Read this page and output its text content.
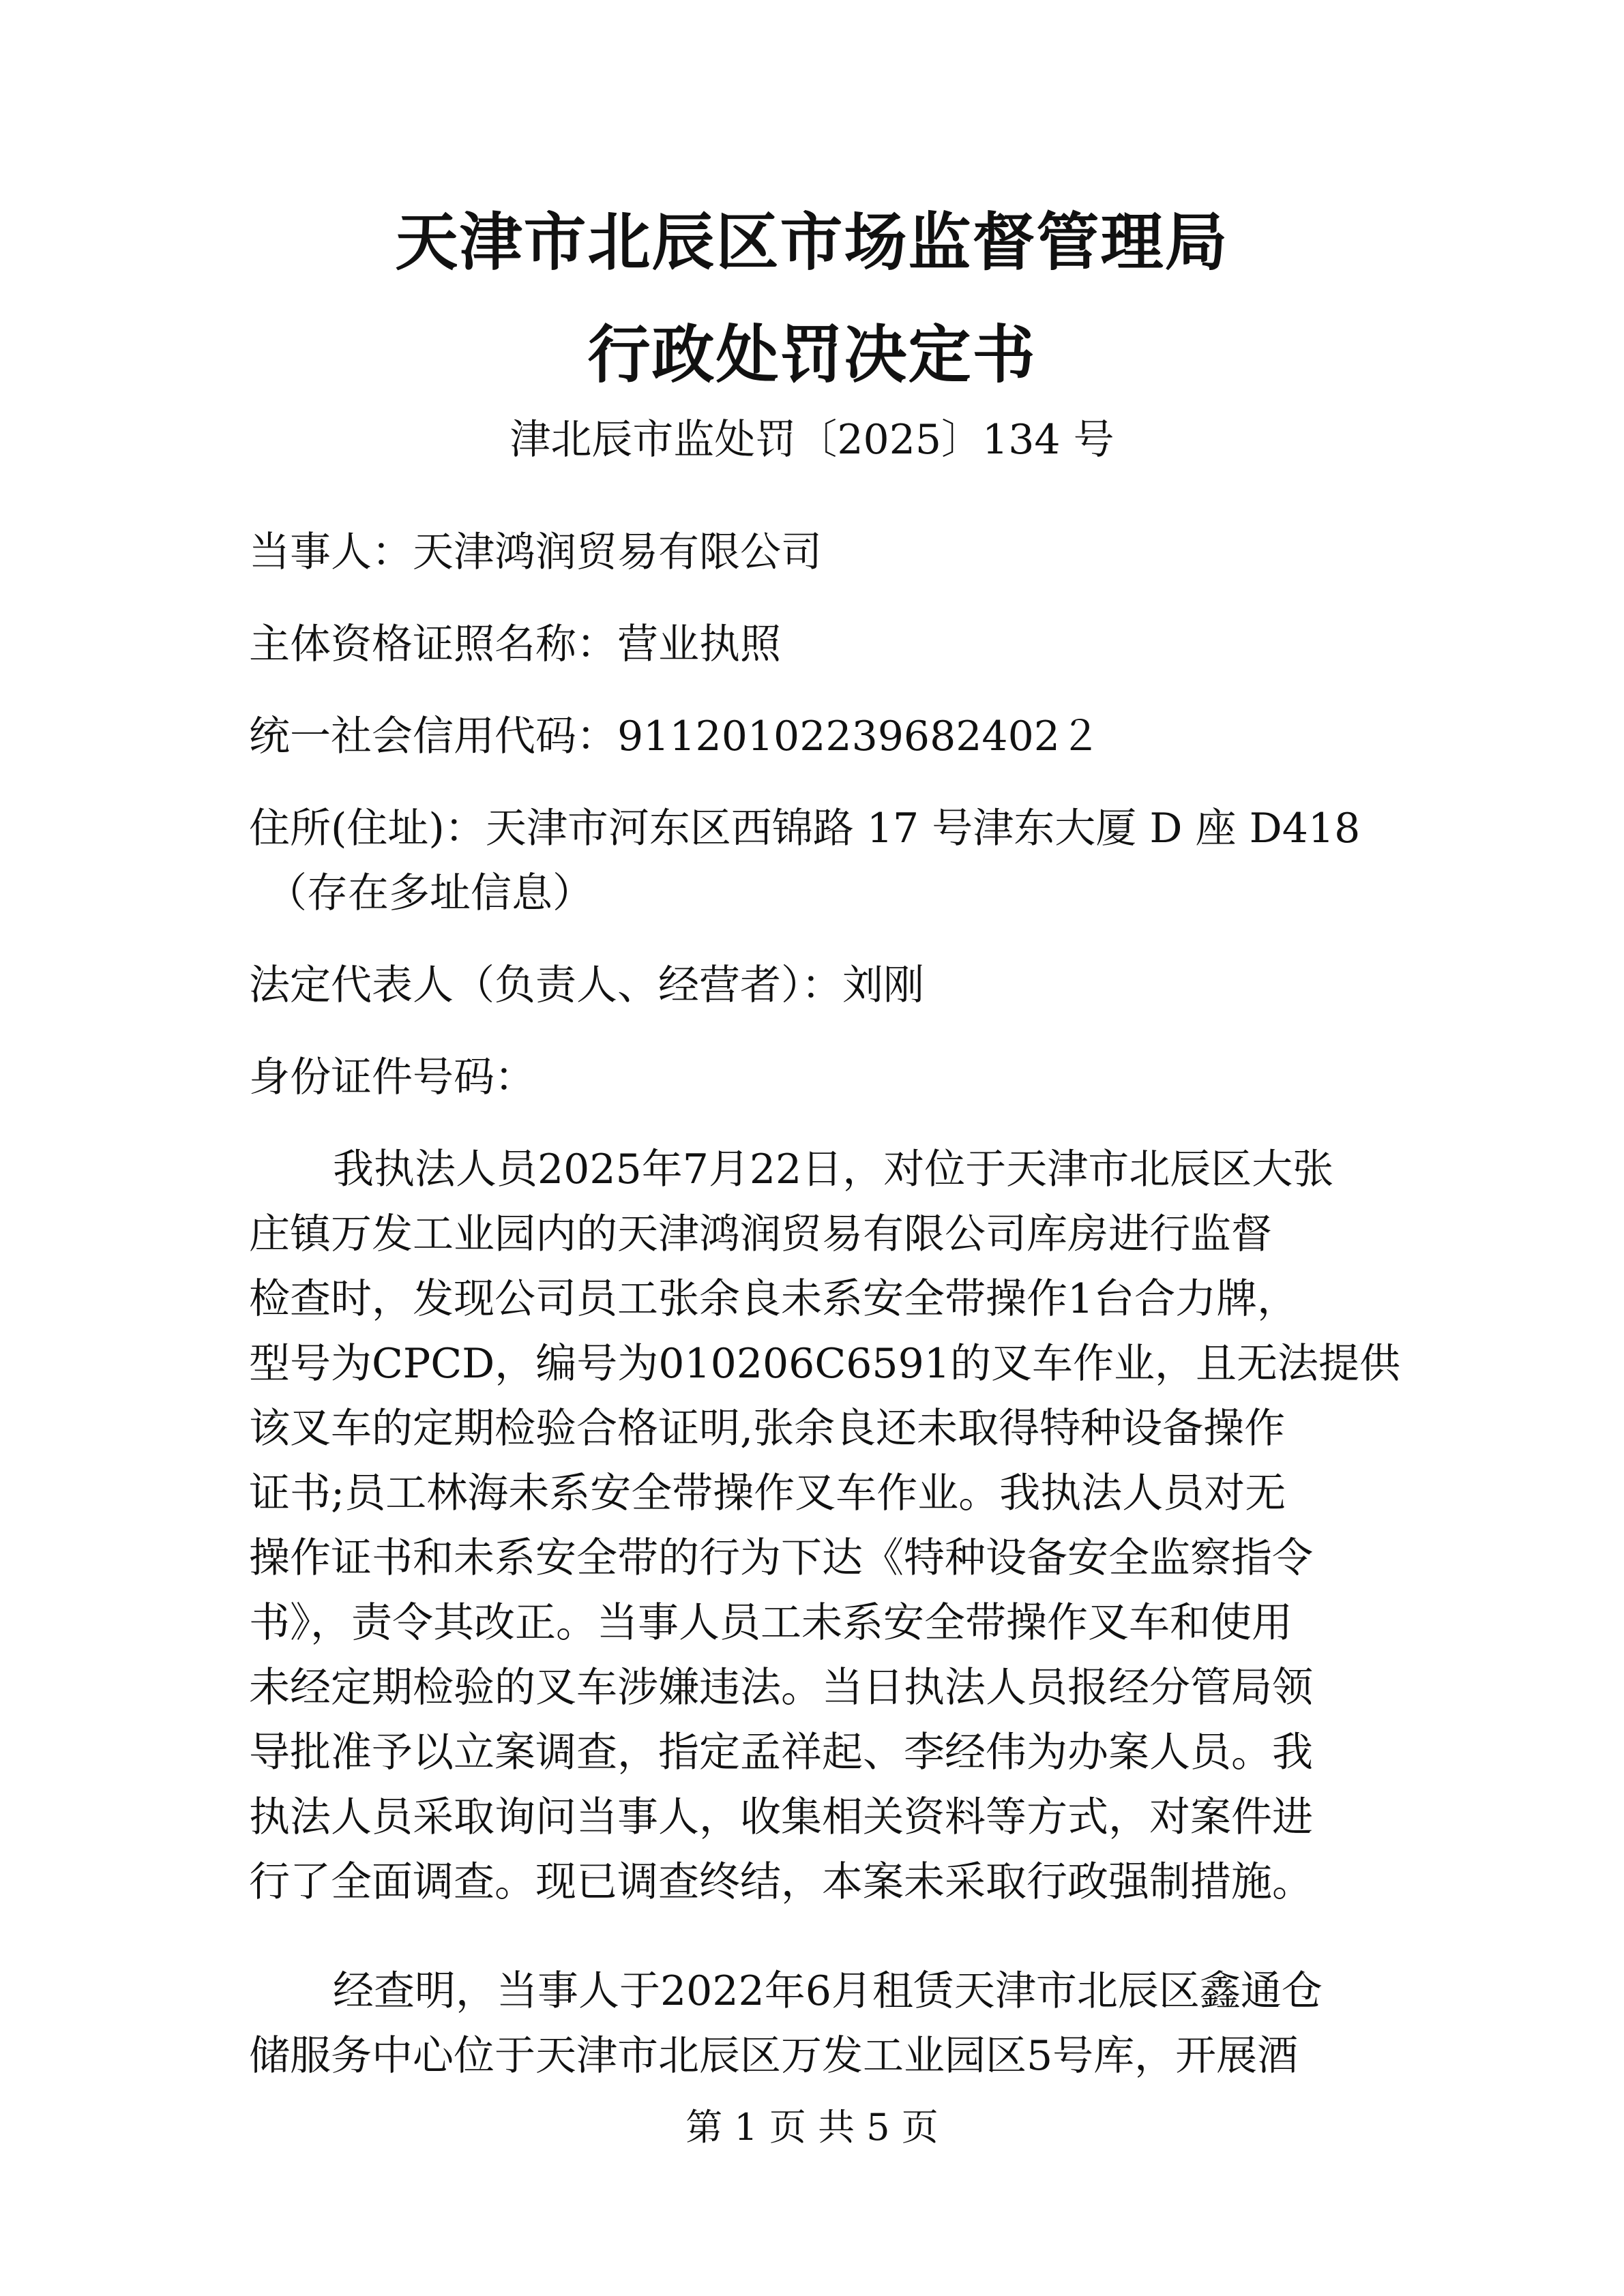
天津市北辰区市场监督管理局
行政处罚决定书
津北辰市监处罚〔2025〕134 号
当事人：天津鸿润贸易有限公司
主体资格证照名称：营业执照
统一社会信用代码：91120102239682402２
住所(住址)：天津市河东区西锦路 17 号津东大厦 D 座 D418
（存在多址信息）
法定代表人（负责人、经营者）：刘刚
身份证件号码：
我执法人员2025年7月22日，对位于天津市北辰区大张
庄镇万发工业园内的天津鸿润贸易有限公司库房进行监督
检查时，发现公司员工张余良未系安全带操作1台合力牌，
型号为CPCD，编号为010206C6591的叉车作业，且无法提供
该叉车的定期检验合格证明,张余良还未取得特种设备操作
证书;员工林海未系安全带操作叉车作业。我执法人员对无
操作证书和未系安全带的行为下达《特种设备安全监察指令
书》，责令其改正。当事人员工未系安全带操作叉车和使用
未经定期检验的叉车涉嫌违法。当日执法人员报经分管局领
导批准予以立案调查，指定孟祥起、李经伟为办案人员。我
执法人员采取询问当事人，收集相关资料等方式，对案件进
行了全面调查。现已调查终结，本案未采取行政强制措施。
经查明，当事人于2022年6月租赁天津市北辰区鑫通仓
储服务中心位于天津市北辰区万发工业园区5号库，开展酒
第 1 页 共 5 页
